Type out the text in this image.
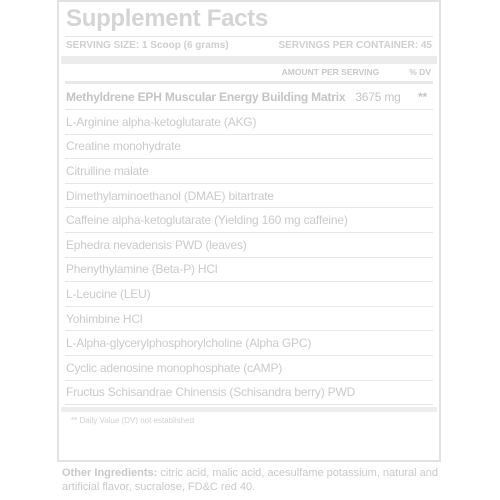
Supplement Facts
SERVING SIZE: 1 Scoop (6 grams)	SERVINGS PER CONTAINER: 45
AMOUNT PER SERVING	% DV
Methyldrene EPH Muscular Energy Building Matrix 3675 mg **
L-Arginine alpha-ketoglutarate (AKG)
Creatine monohydrate
Citrulline malate
Dimethylaminoethanol (DMAE) bitartrate
Caffeine alpha-ketoglutarate (Yielding 160 mg caffeine)
Ephedra nevadensis PWD (leaves)
Phenythylamine (Beta-P) HCl
L-Leucine (LEU)
Yohimbine HCl
L-Alpha-glycerylphosphorylcholine (Alpha GPC)
Cyclic adenosine monophosphate (cAMP)
Fructus Schisandrae Chinensis (Schisandra berry) PWD
** Daily Value (DV) not established
Other Ingredients: citric acid, malic acid, acesulfame potassium, natural and artificial flavor, sucralose, FD&C red 40.
